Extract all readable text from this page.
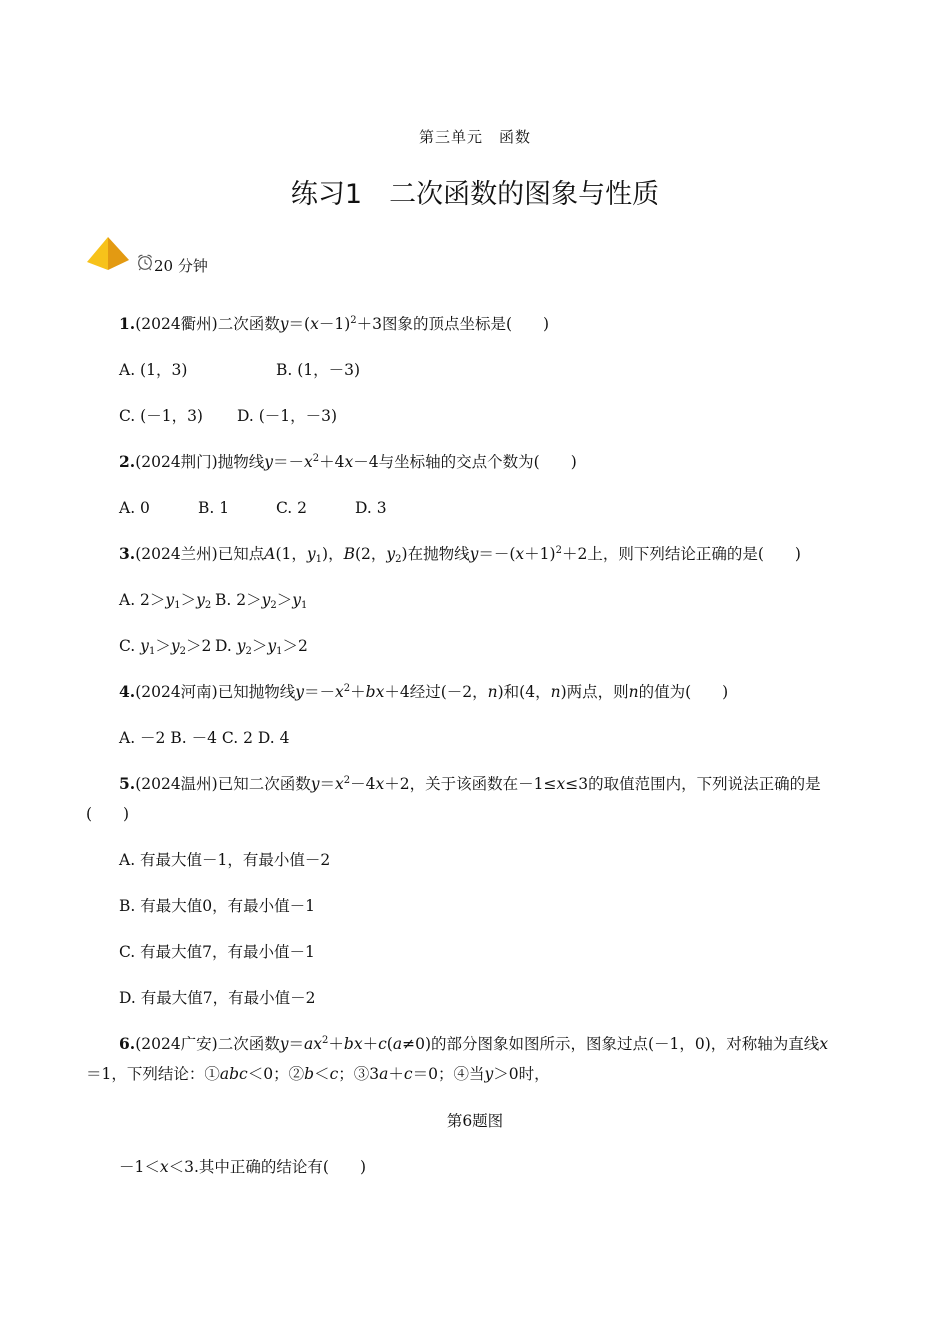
第三单元　函数
练习1　二次函数的图象与性质
20 分钟
1.(2024衢州)二次函数$y=(x-1)^2+3$图象的顶点坐标是(　　)
A. (1，3)	B. (1，－3)
C. (－1，3) D. (－1，－3)
2.(2024荆门)抛物线$y=-x^2+4x-4$与坐标轴的交点个数为(　　)
A. 0	B. 1	C. 2	D. 3
3.(2024兰州)已知点A(1，$y_1$)，B(2，$y_2$)在抛物线$y=-(x+1)^2+2$上，则下列结论正确的是(　　)
A. $2>y_1>y_2$ B. $2>y_2>y_1$
C. $y_1>y_2>2$ D. $y_2>y_1>2$
4.(2024河南)已知抛物线$y=-x^2+bx+4$经过(－2，n)和(4，n)两点，则n的值为(　　)
A. －2 B. －4 C. 2 D. 4
5.(2024温州)已知二次函数$y=x^2-4x+2$，关于该函数在－1≤x≤3的取值范围内，下列说法正确的是
(　　)
A. 有最大值－1，有最小值－2
B. 有最大值0，有最小值－1
C. 有最大值7，有最小值－1
D. 有最大值7，有最小值－2
6.(2024广安)二次函数$y=ax^2+bx+c(a\ne 0)$的部分图象如图所示，图象过点(－1，0)，对称轴为直线x
＝1，下列结论：①abc＜0；②b＜c；③3a＋c＝0；④当y＞0时，
第6题图
－1＜x＜3.其中正确的结论有(　　)
